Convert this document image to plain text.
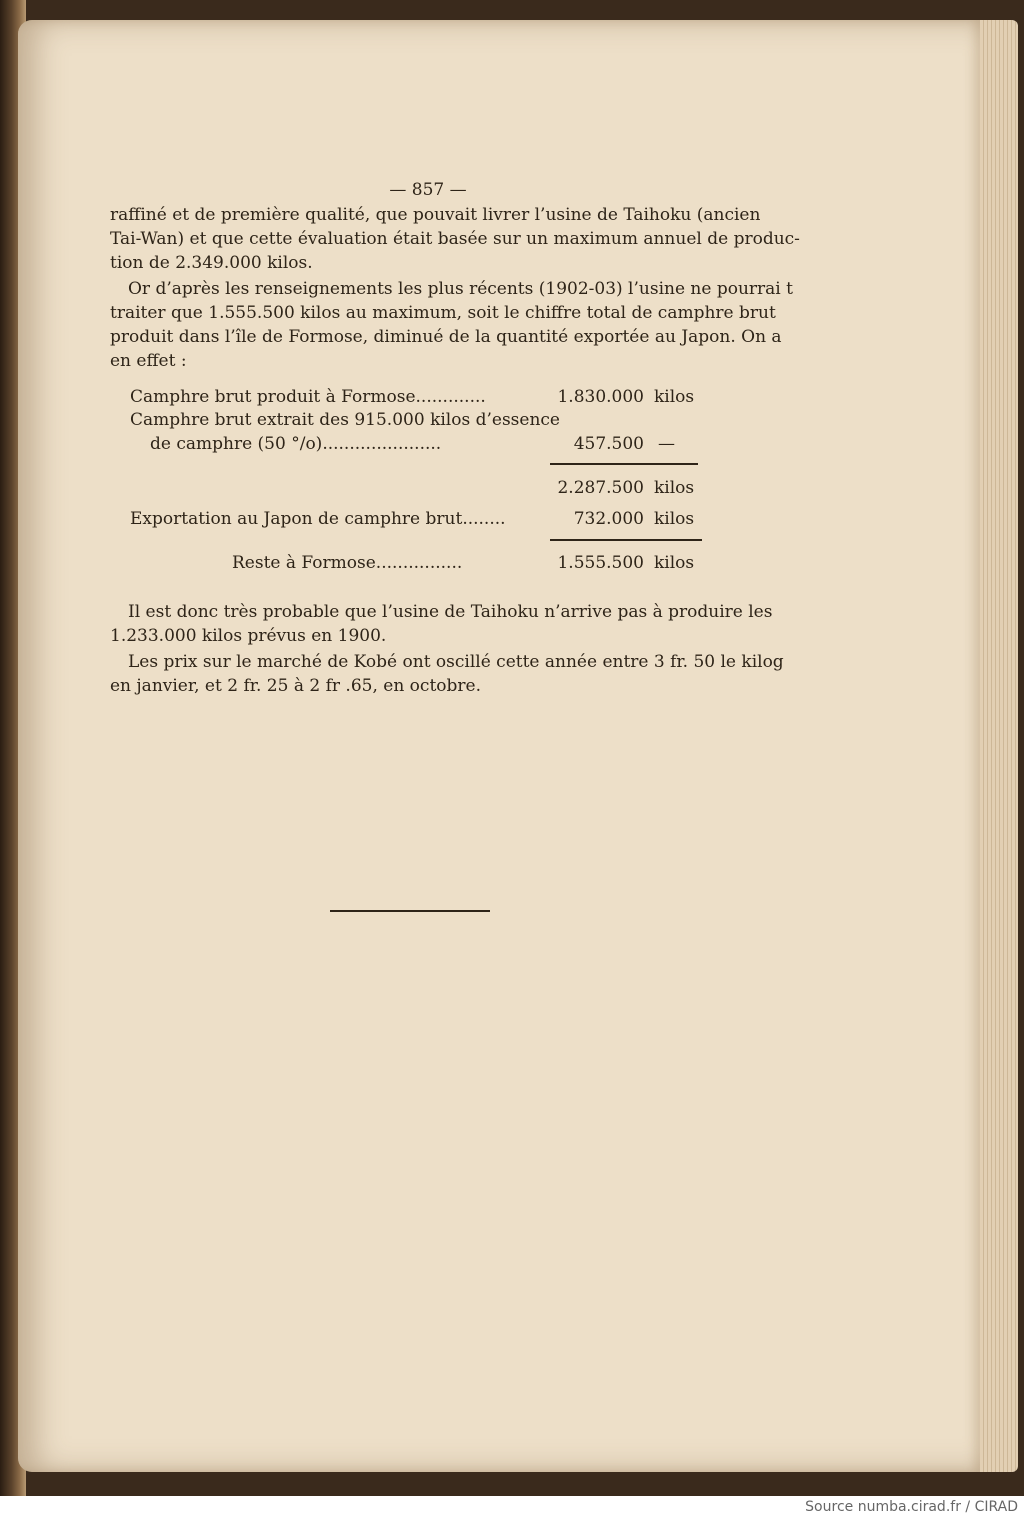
— 857 —
raffiné et de première qualité, que pouvait livrer l’usine de Taihoku (ancien
Tai-Wan) et que cette évaluation était basée sur un maximum annuel de produc-
tion de 2.349.000 kilos.
Or d’après les renseignements les plus récents (1902-03) l’usine ne pourrai t
traiter que 1.555.500 kilos au maximum, soit le chiffre total de camphre brut
produit dans l’île de Formose, diminué de la quantité exportée au Japon. On a
en effet :
Camphre brut produit à Formose.............	1.830.000 kilos
Camphre brut extrait des 915.000 kilos d’essence
de camphre (50 °/o)......................	457.500 —
2.287.500 kilos
Exportation au Japon de camphre brut........	732.000 kilos
Reste à Formose................	1.555.500 kilos
Il est donc très probable que l’usine de Taihoku n’arrive pas à produire les
1.233.000 kilos prévus en 1900.
Les prix sur le marché de Kobé ont oscillé cette année entre 3 fr. 50 le kilog
en janvier, et 2 fr. 25 à 2 fr .65, en octobre.
Source numba.cirad.fr / CIRAD
